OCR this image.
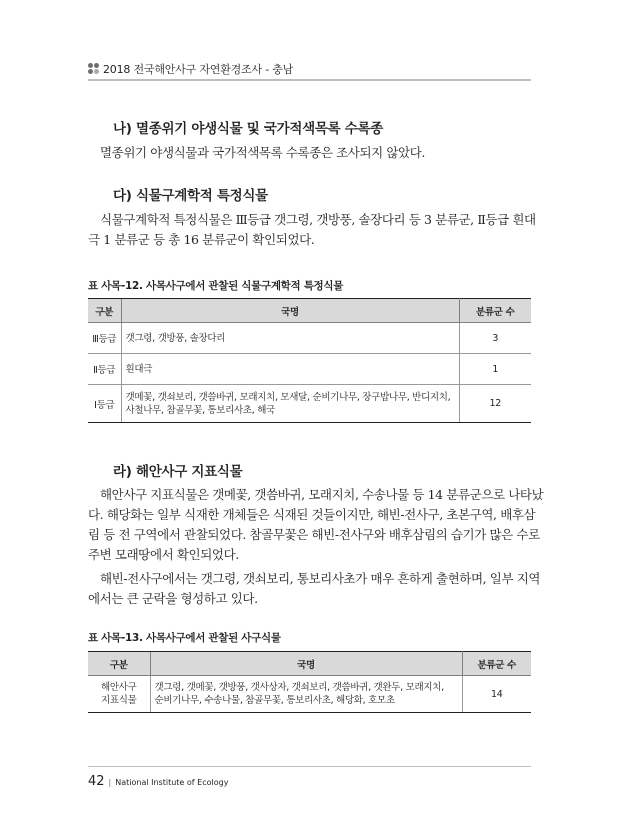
2018 전국해안사구 자연환경조사 - 충남
나) 멸종위기 야생식물 및 국가적색목록 수록종
멸종위기 야생식물과 국가적색목록 수록종은 조사되지 않았다.
다) 식물구계학적 특정식물
식물구계학적 특정식물은 Ⅲ등급 갯그령, 갯방풍, 솔장다리 등 3 분류군, Ⅱ등급 흰대
극 1 분류군 등 총 16 분류군이 확인되었다.
표 사목-12. 사목사구에서 관찰된 식물구계학적 특정식물
구분	국명	분류군 수
Ⅲ등급	갯그령, 갯방풍, 솔장다리	3
Ⅱ등급	흰대극	1
Ⅰ등급	갯메꽃, 갯쇠보리, 갯씀바귀, 모래지치, 모새달, 순비기나무, 장구밥나무, 반디지치,
사철나무, 참골무꽃, 통보리사초, 해국	12
라) 해안사구 지표식물
해안사구 지표식물은 갯메꽃, 갯씀바귀, 모래지치, 수송나물 등 14 분류군으로 나타났
다. 해당화는 일부 식재한 개체들은 식재된 것들이지만, 해빈-전사구, 초본구역, 배후삼
림 등 전 구역에서 관찰되었다. 참골무꽃은 해빈-전사구와 배후삼림의 습기가 많은 수로
주변 모래땅에서 확인되었다.
해빈-전사구에서는 갯그령, 갯쇠보리, 통보리사초가 매우 흔하게 출현하며, 일부 지역
에서는 큰 군락을 형성하고 있다.
표 사목-13. 사목사구에서 관찰된 사구식물
구분	국명	분류군 수

해안사구
지표식물	갯그령, 갯메꽃, 갯방풍, 갯사상자, 갯쇠보리, 갯씀바귀, 갯완두, 모래지치,
순비기나무, 수송나물, 참골무꽃, 통보리사초, 해당화, 호모초	14
42 | National Institute of Ecology
